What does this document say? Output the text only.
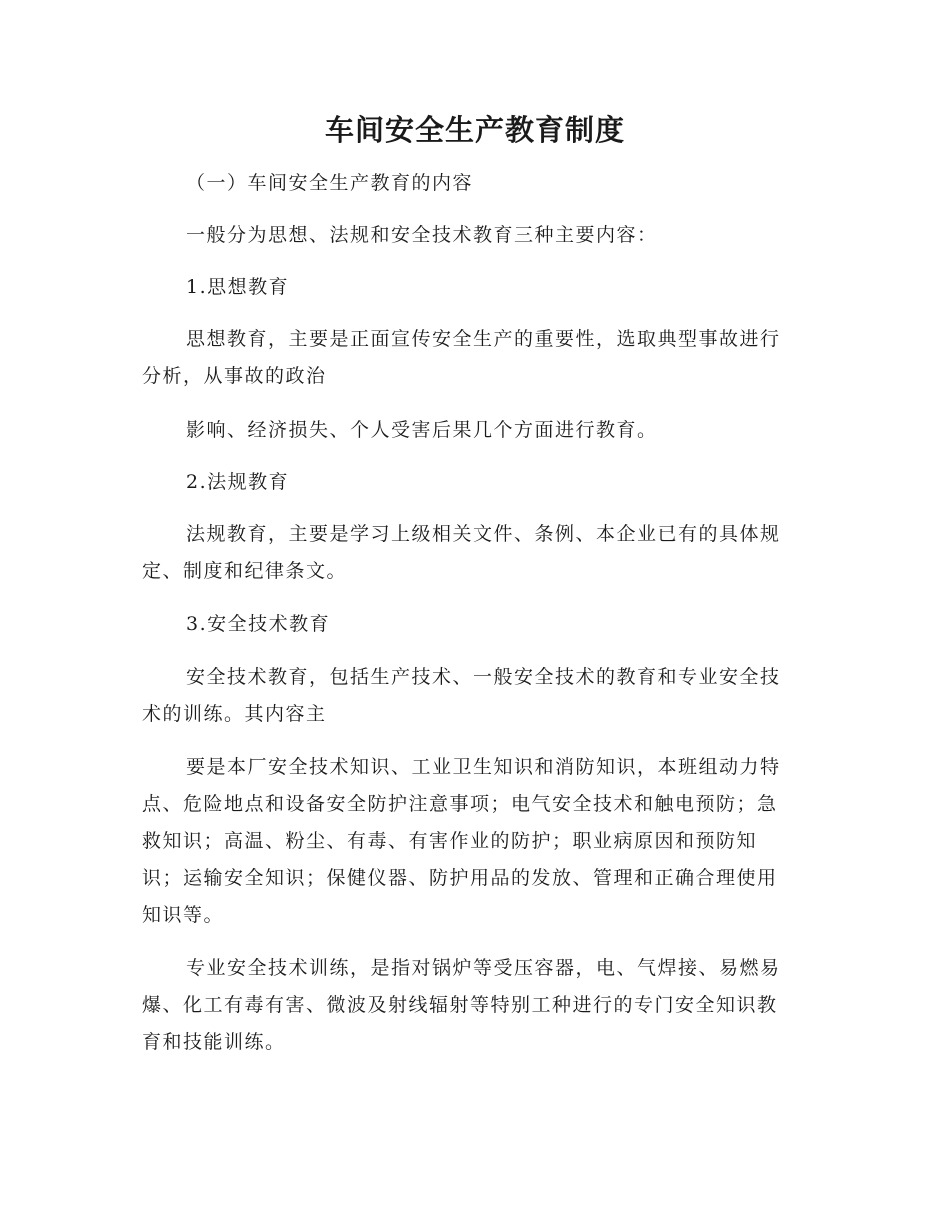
车间安全生产教育制度

（一）车间安全生产教育的内容

一般分为思想、法规和安全技术教育三种主要内容：

1.思想教育

思想教育，主要是正面宣传安全生产的重要性，选取典型事故进行分析，从事故的政治

影响、经济损失、个人受害后果几个方面进行教育。

2.法规教育

法规教育，主要是学习上级相关文件、条例、本企业已有的具体规定、制度和纪律条文。

3.安全技术教育

安全技术教育，包括生产技术、一般安全技术的教育和专业安全技术的训练。其内容主

要是本厂安全技术知识、工业卫生知识和消防知识，本班组动力特点、危险地点和设备安全防护注意事项；电气安全技术和触电预防；急救知识；高温、粉尘、有毒、有害作业的防护；职业病原因和预防知识；运输安全知识；保健仪器、防护用品的发放、管理和正确合理使用知识等。

专业安全技术训练，是指对锅炉等受压容器，电、气焊接、易燃易爆、化工有毒有害、微波及射线辐射等特别工种进行的专门安全知识教育和技能训练。
